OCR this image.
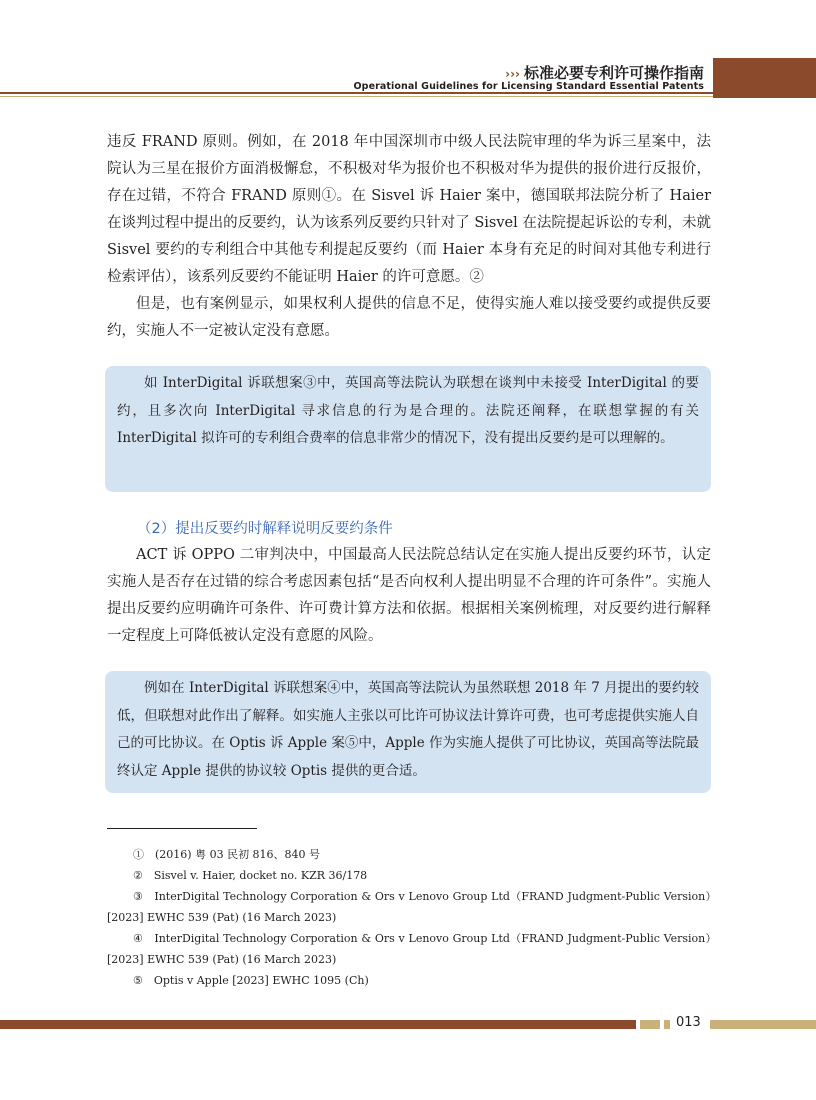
››› 标准必要专利许可操作指南
Operational Guidelines for Licensing Standard Essential Patents

违反 FRAND 原则。例如，在 2018 年中国深圳市中级人民法院审理的华为诉三星案中，法院认为三星在报价方面消极懈怠，不积极对华为报价也不积极对华为提供的报价进行反报价，存在过错，不符合 FRAND 原则①。在 Sisvel 诉 Haier 案中，德国联邦法院分析了 Haier 在谈判过程中提出的反要约，认为该系列反要约只针对了 Sisvel 在法院提起诉讼的专利，未就 Sisvel 要约的专利组合中其他专利提起反要约（而 Haier 本身有充足的时间对其他专利进行检索评估），该系列反要约不能证明 Haier 的许可意愿。②

但是，也有案例显示，如果权利人提供的信息不足，使得实施人难以接受要约或提供反要约，实施人不一定被认定没有意愿。

如 InterDigital 诉联想案③中，英国高等法院认为联想在谈判中未接受 InterDigital 的要约，且多次向 InterDigital 寻求信息的行为是合理的。法院还阐释，在联想掌握的有关 InterDigital 拟许可的专利组合费率的信息非常少的情况下，没有提出反要约是可以理解的。

（2）提出反要约时解释说明反要约条件

ACT 诉 OPPO 二审判决中，中国最高人民法院总结认定在实施人提出反要约环节，认定实施人是否存在过错的综合考虑因素包括“是否向权利人提出明显不合理的许可条件”。实施人提出反要约应明确许可条件、许可费计算方法和依据。根据相关案例梳理，对反要约进行解释一定程度上可降低被认定没有意愿的风险。

例如在 InterDigital 诉联想案④中，英国高等法院认为虽然联想 2018 年 7 月提出的要约较低，但联想对此作出了解释。如实施人主张以可比许可协议法计算许可费，也可考虑提供实施人自己的可比协议。在 Optis 诉 Apple 案⑤中，Apple 作为实施人提供了可比协议，英国高等法院最终认定 Apple 提供的协议较 Optis 提供的更合适。

①　(2016) 粤 03 民初 816、840 号

②　Sisvel v. Haier, docket no. KZR 36/178

③　InterDigital Technology Corporation & Ors v Lenovo Group Ltd（FRAND Judgment-Public Version）[2023] EWHC 539 (Pat) (16 March 2023)

④　InterDigital Technology Corporation & Ors v Lenovo Group Ltd（FRAND Judgment-Public Version）[2023] EWHC 539 (Pat) (16 March 2023)

⑤　Optis v Apple [2023] EWHC 1095 (Ch)

013
